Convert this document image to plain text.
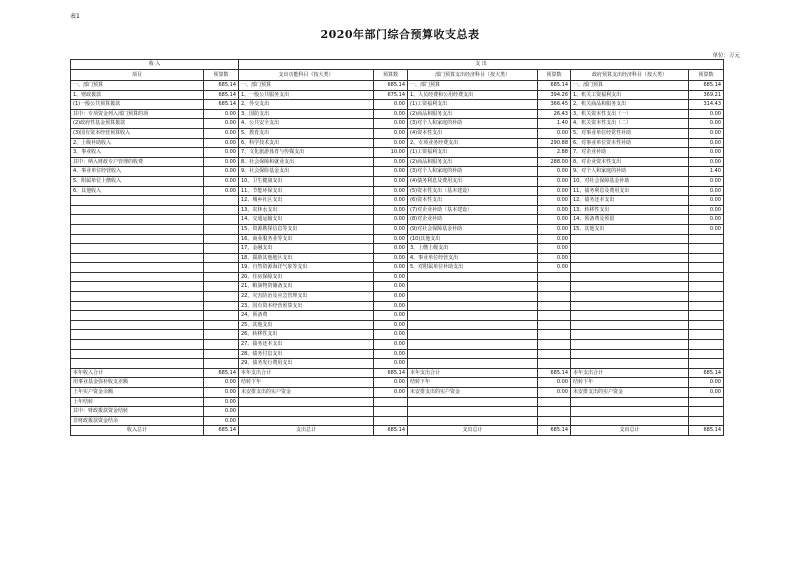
表1
2020年部门综合预算收支总表
单位：万元
收 入		支 出					
项目	预算数	支出功能科目（按大类）	预算数	部门预算支出经济科目（按大类）	预算数	政府预算支出经济科目（按大类）	预算数
一、部门预算	685.14	一、部门预算	685.14	一、部门预算	685.14	一、部门预算	685.14
1、财政拨款	685.14	1、一般公共服务支出	675.14	1、人员经费和公用经费支出	394.26	1、机关工资福利支出	369.21
(1)一般公共预算拨款	685.14	2、外交支出	0.00	(1)工资福利支出	366.45	2、机关商品和服务支出	314.43
其中：专项资金列入部门预算的项	0.00	3、国防支出	0.00	(2)商品和服务支出	26.43	3、机关资本性支出（一）	0.00
(2)政府性基金预算拨款	0.00	4、公共安全支出	0.00	(3)对个人和家庭的补助	1.40	4、机关资本性支出（二）	0.00
(3)国有资本经营预算收入	0.00	5、教育支出	0.00	(4)资本性支出	0.00	5、对事业单位经常性补助	0.00
2、上级补助收入	0.00	6、科学技术支出	0.00	2、专项业务经费支出	290.88	6、对事业单位资本性补助	0.00
3、事业收入	0.00	7、文化旅游体育与传媒支出	10.00	(1)工资福利支出	2.88	7、对企业补助	0.00
其中：纳入财政专户管理的收费	0.00	8、社会保障和就业支出	0.00	(2)商品和服务支出	288.00	8、对企业资本性支出	0.00
4、事业单位经营收入	0.00	9、社会保险基金支出	0.00	(3)对个人和家庭的补助	0.00	9、对个人和家庭的补助	1.40
5、附属单位上缴收入	0.00	10、卫生健康支出	0.00	(4)债务利息及费用支出	0.00	10、对社会保障基金补助	0.00
6、其他收入	0.00	11、节能环保支出	0.00	(5)资本性支出（基本建设）	0.00	11、债务利息及费用支出	0.00
		12、城乡社区支出	0.00	(6)资本性支出	0.00	12、债务还本支出	0.00
		13、农林水支出	0.00	(7)对企业补助（基本建设）	0.00	13、转移性支出	0.00
		14、交通运输支出	0.00	(8)对企业补助	0.00	14、预备费及预留	0.00
		15、资源勘探信息等支出	0.00	(9)对社会保障基金补助	0.00	15、其他支出	0.00
		16、商业服务业等支出	0.00	(10)其他支出	0.00		
		17、金融支出	0.00	3、上缴上级支出	0.00		
		18、援助其他地区支出	0.00	4、事业单位经营支出	0.00		
		19、自然资源海洋气象等支出	0.00	5、对附属单位补助支出	0.00		
		20、住房保障支出	0.00				
		21、粮油物资储备支出	0.00				
		22、灾害防治及应急管理支出	0.00				
		23、国有资本经营预算支出	0.00				
		24、预备费	0.00				
		25、其他支出	0.00				
		26、转移性支出	0.00				
		27、债务还本支出	0.00				
		28、债务付息支出	0.00				
		29、债务发行费用支出	0.00				
本年收入合计	685.14	本年支出合计	685.14	本年支出合计	685.14	本年支出合计	685.14
用事业基金弥补收支差额	0.00	结转下年	0.00	结转下年	0.00	结转下年	0.00
上年实户资金余额	0.00	未安排支出的实户资金	0.00	未安排支出的实户资金	0.00	未安排支出的实户资金	0.00
上年结转	0.00						
其中：财政拨款资金结转	0.00						
非财政拨款资金结余	0.00						
收入总计	685.14	支出总计	685.14	支出总计	685.14	支出总计	685.14
